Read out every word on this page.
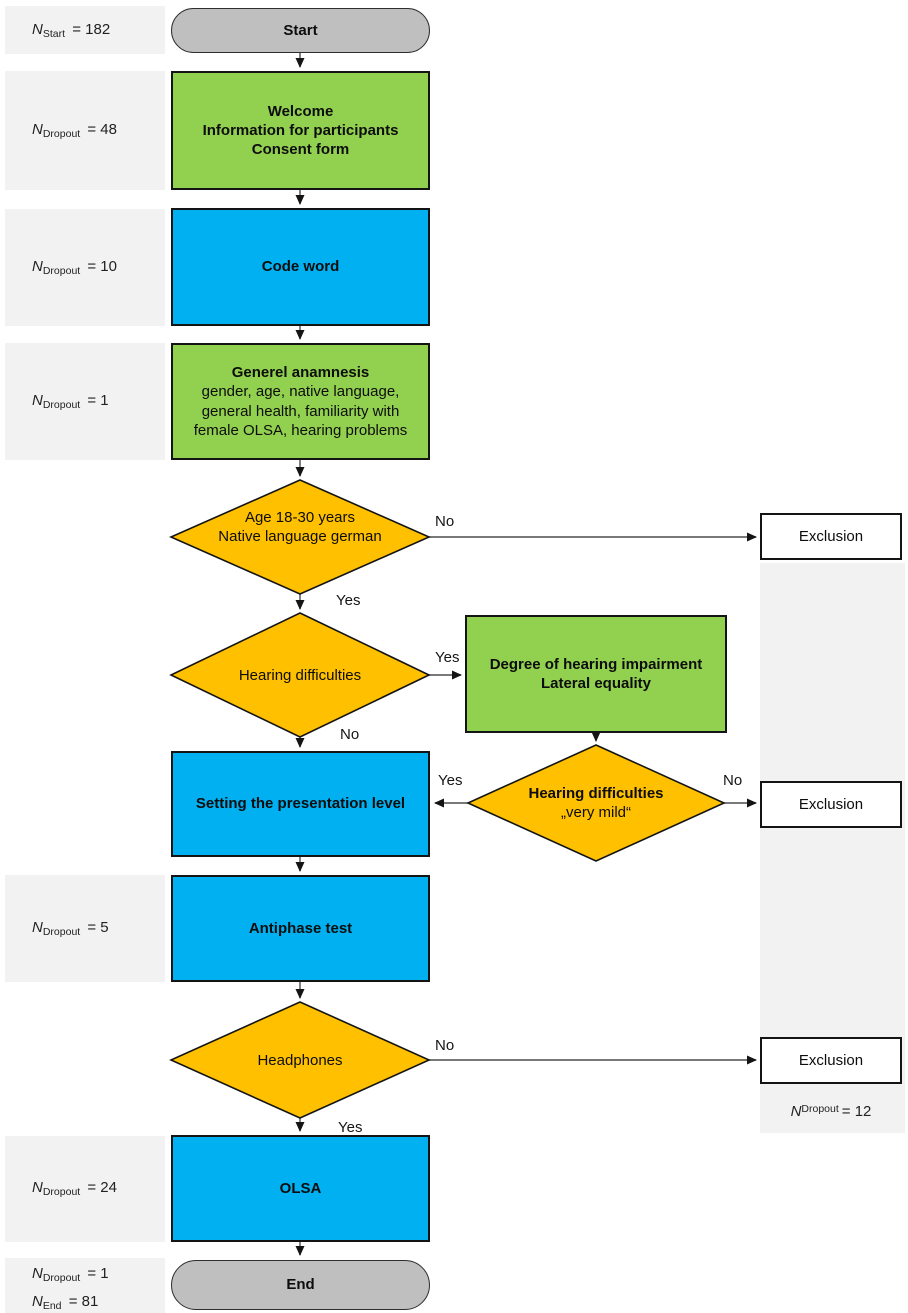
Start
Welcome
Information for participants
Consent form
Code word
Generel anamnesis
gender, age, native language, general health, familiarity with female OLSA, hearing problems
Degree of hearing impairment
Lateral equality
Setting the presentation level
Antiphase test
OLSA
End
Exclusion
Exclusion
Exclusion
Age 18-30 years
Native language german
Hearing difficulties
Hearing difficulties
„very mild“
Headphones
No
Yes
Yes
No
Yes	No
No
Yes
$N_{Start} = 182$
$N_{Dropout} = 48$
$N_{Dropout} = 10$
$N_{Dropout} = 1$
$N_{Dropout} = 5$
$N_{Dropout} = 24$
$N_{Dropout} = 1$
$N_{End} = 81$
N Dropout = 12
